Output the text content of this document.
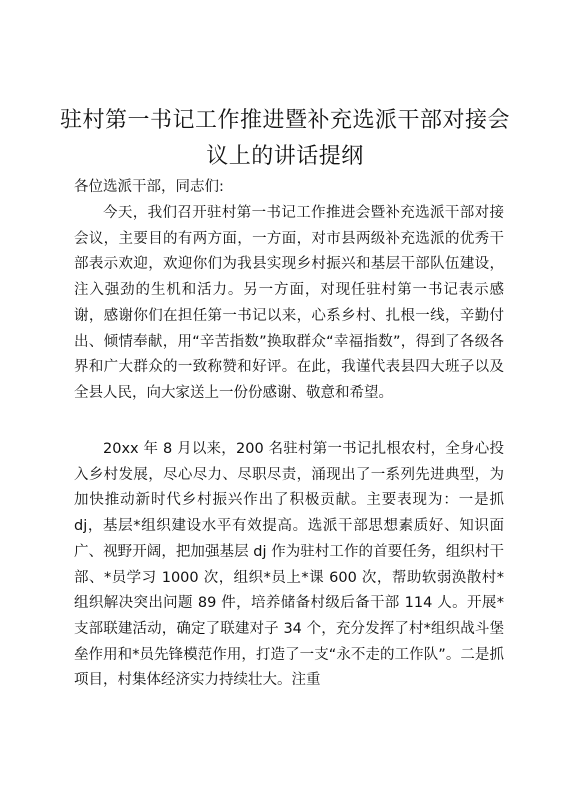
驻村第一书记工作推进暨补充选派干部对接会
议上的讲话提纲
各位选派干部，同志们:

今天，我们召开驻村第一书记工作推进会暨补充选派干部对接会议，主要目的有两方面，一方面，对市县两级补充选派的优秀干部表示欢迎，欢迎你们为我县实现乡村振兴和基层干部队伍建设，注入强劲的生机和活力。另一方面，对现任驻村第一书记表示感谢，感谢你们在担任第一书记以来，心系乡村、扎根一线，辛勤付出、倾情奉献，用“辛苦指数”换取群众“幸福指数”，得到了各级各界和广大群众的一致称赞和好评。在此，我谨代表县四大班子以及全县人民，向大家送上一份份感谢、敬意和希望。

20xx 年 8 月以来，200 名驻村第一书记扎根农村，全身心投入乡村发展，尽心尽力、尽职尽责，涌现出了一系列先进典型，为加快推动新时代乡村振兴作出了积极贡献。主要表现为：一是抓 dj，基层*组织建设水平有效提高。选派干部思想素质好、知识面广、视野开阔，把加强基层 dj 作为驻村工作的首要任务，组织村干部、*员学习 1000 次，组织*员上*课 600 次，帮助软弱涣散村*组织解决突出问题 89 件，培养储备村级后备干部 114 人。开展*支部联建活动，确定了联建对子 34 个，充分发挥了村*组织战斗堡垒作用和*员先锋模范作用，打造了一支“永不走的工作队”。二是抓项目，村集体经济实力持续壮大。注重
